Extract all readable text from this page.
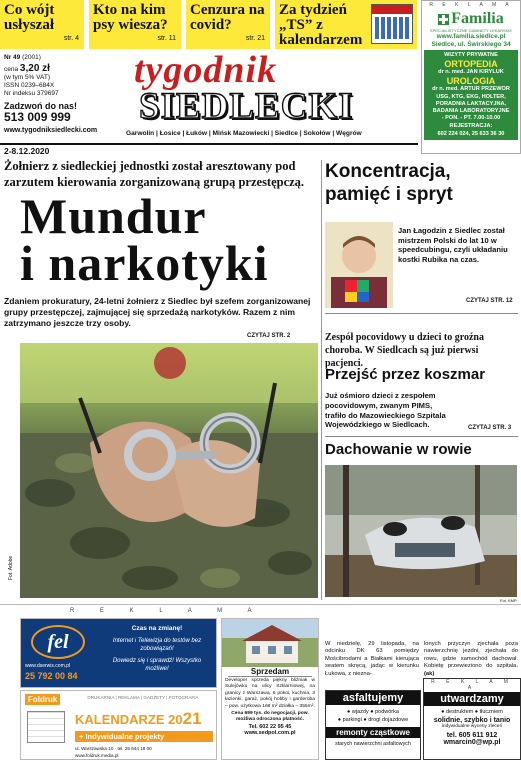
Co wójt usłyszał
str. 4
Kto na kim psy wiesza?
str. 11
Cenzura na covid?
str. 21
Za tydzień „TS” z kalendarzem
R E K L A M A
Familia
SPECJALISTYCZNE GABINETY LEKARSKIE
www.familia.siedlce.pl
Siedlce, ul. Świrskiego 34
WIZYTY PRYWATNE
ORTOPEDIA
dr n. med. JAN KIRYLUK
UROLOGIA
dr n. med. ARTUR PRZEWOR
USG, KTG, EKG, HOLTER,
PORADNIA LAKTACYJNA,
BADANIA LABORATORYJNE
- PON. - PT. 7.00-10.00
REJESTRACJA:
602 224 024, 25 633 36 30
Nr 49 (2001)
cena 3,20 zł
(w tym 5% VAT)
ISSN 0239–684X
Nr indeksu 379697
Zadzwoń do nas!
513 009 999
www.tygodniksiedlecki.com
tygodnik
SIEDLECKI
Garwolin | Łosice | Łuków | Mińsk Mazowiecki | Siedlce | Sokołów | Węgrów
2-8.12.2020
Żołnierz z siedleckiej jednostki został aresztowany pod zarzutem kierowania zorganizowaną grupą przestępczą.
Mundur
i narkotyki
Zdaniem prokuratury, 24-letni żołnierz z Siedlec był szefem zorganizowanej grupy przestępczej, zajmującej się sprzedażą narkotyków. Razem z nim zatrzymano jeszcze trzy osoby.
CZYTAJ STR. 2
Fot. Adobe
Koncentracja, pamięć i spryt
Jan Łagodzin z Siedlec został mistrzem Polski do lat 10 w speedcubingu, czyli układaniu kostki Rubika na czas.
CZYTAJ STR. 12
Zespół pocovidowy u dzieci to groźna choroba. W Siedlcach są już pierwsi pacjenci.
Przejść przez koszmar
Już ośmioro dzieci z zespołem pocovidowym, zwanym PIMS, trafiło do Mazowieckiego Szpitala Wojewódzkiego w Siedlcach.	CZYTAJ STR. 3
Dachowanie w rowie
Fot. KMP
R E K L A M A
W niedzielę, 29 listopada, na odcinku DK 63 pomiędzy Mościbrodami a Białkami kierująca seatem skręcą, jadąc w kierunku Łukowa, z niezna-
lonych przyczyn zjechała poza nawierzchnię jezdni, zjechała do rowu, gdzie samochód dachował. Kobietę przewieziono do szpitala. (ak)
fel
www.dserwis.com.pl
25 792 00 84
Czas na zmianę!
Internet i Telewizja do testów bez zobowiązań!
Dowiedz się i sprawdź! Wszystko możliwe!
Foldruk	DRUKARNIA | REKLAMA | GADŻETY | FOTOGRAFIA
KALENDARZE 2021
+ Indywidualne projekty
ul. Warszawska 10 · tel. 25 644 18 00
www.foldruk.media.pl
Sprzedam
Developer sprzeda piękny bliźniak w Sulejówku na ulicy Szklarniowej, na granicy z Warszawą. 6 pokoi, kuchnia, 3 łazienki, garaż, pokój hobby i garderoba – pow. użytkowa 168 m² działka – 355m².
Cena 699 tys. do negocjacji, pow. możliwa odroczona płatność.
Tel. 602 22 95 45
www.sedpol.com.pl
asfaltujemy
● wjazdy ● podwórka
● parkingi ● drogi dojazdowe
remonty cząstkowe
starych nawierzchni asfaltowych
R E K L A M A
utwardzamy
● destruktem ● tłuczniem
solidnie, szybko i tanio
indywidualne wyceny zleceń
tel. 605 611 912
wmarcin0@wp.pl
